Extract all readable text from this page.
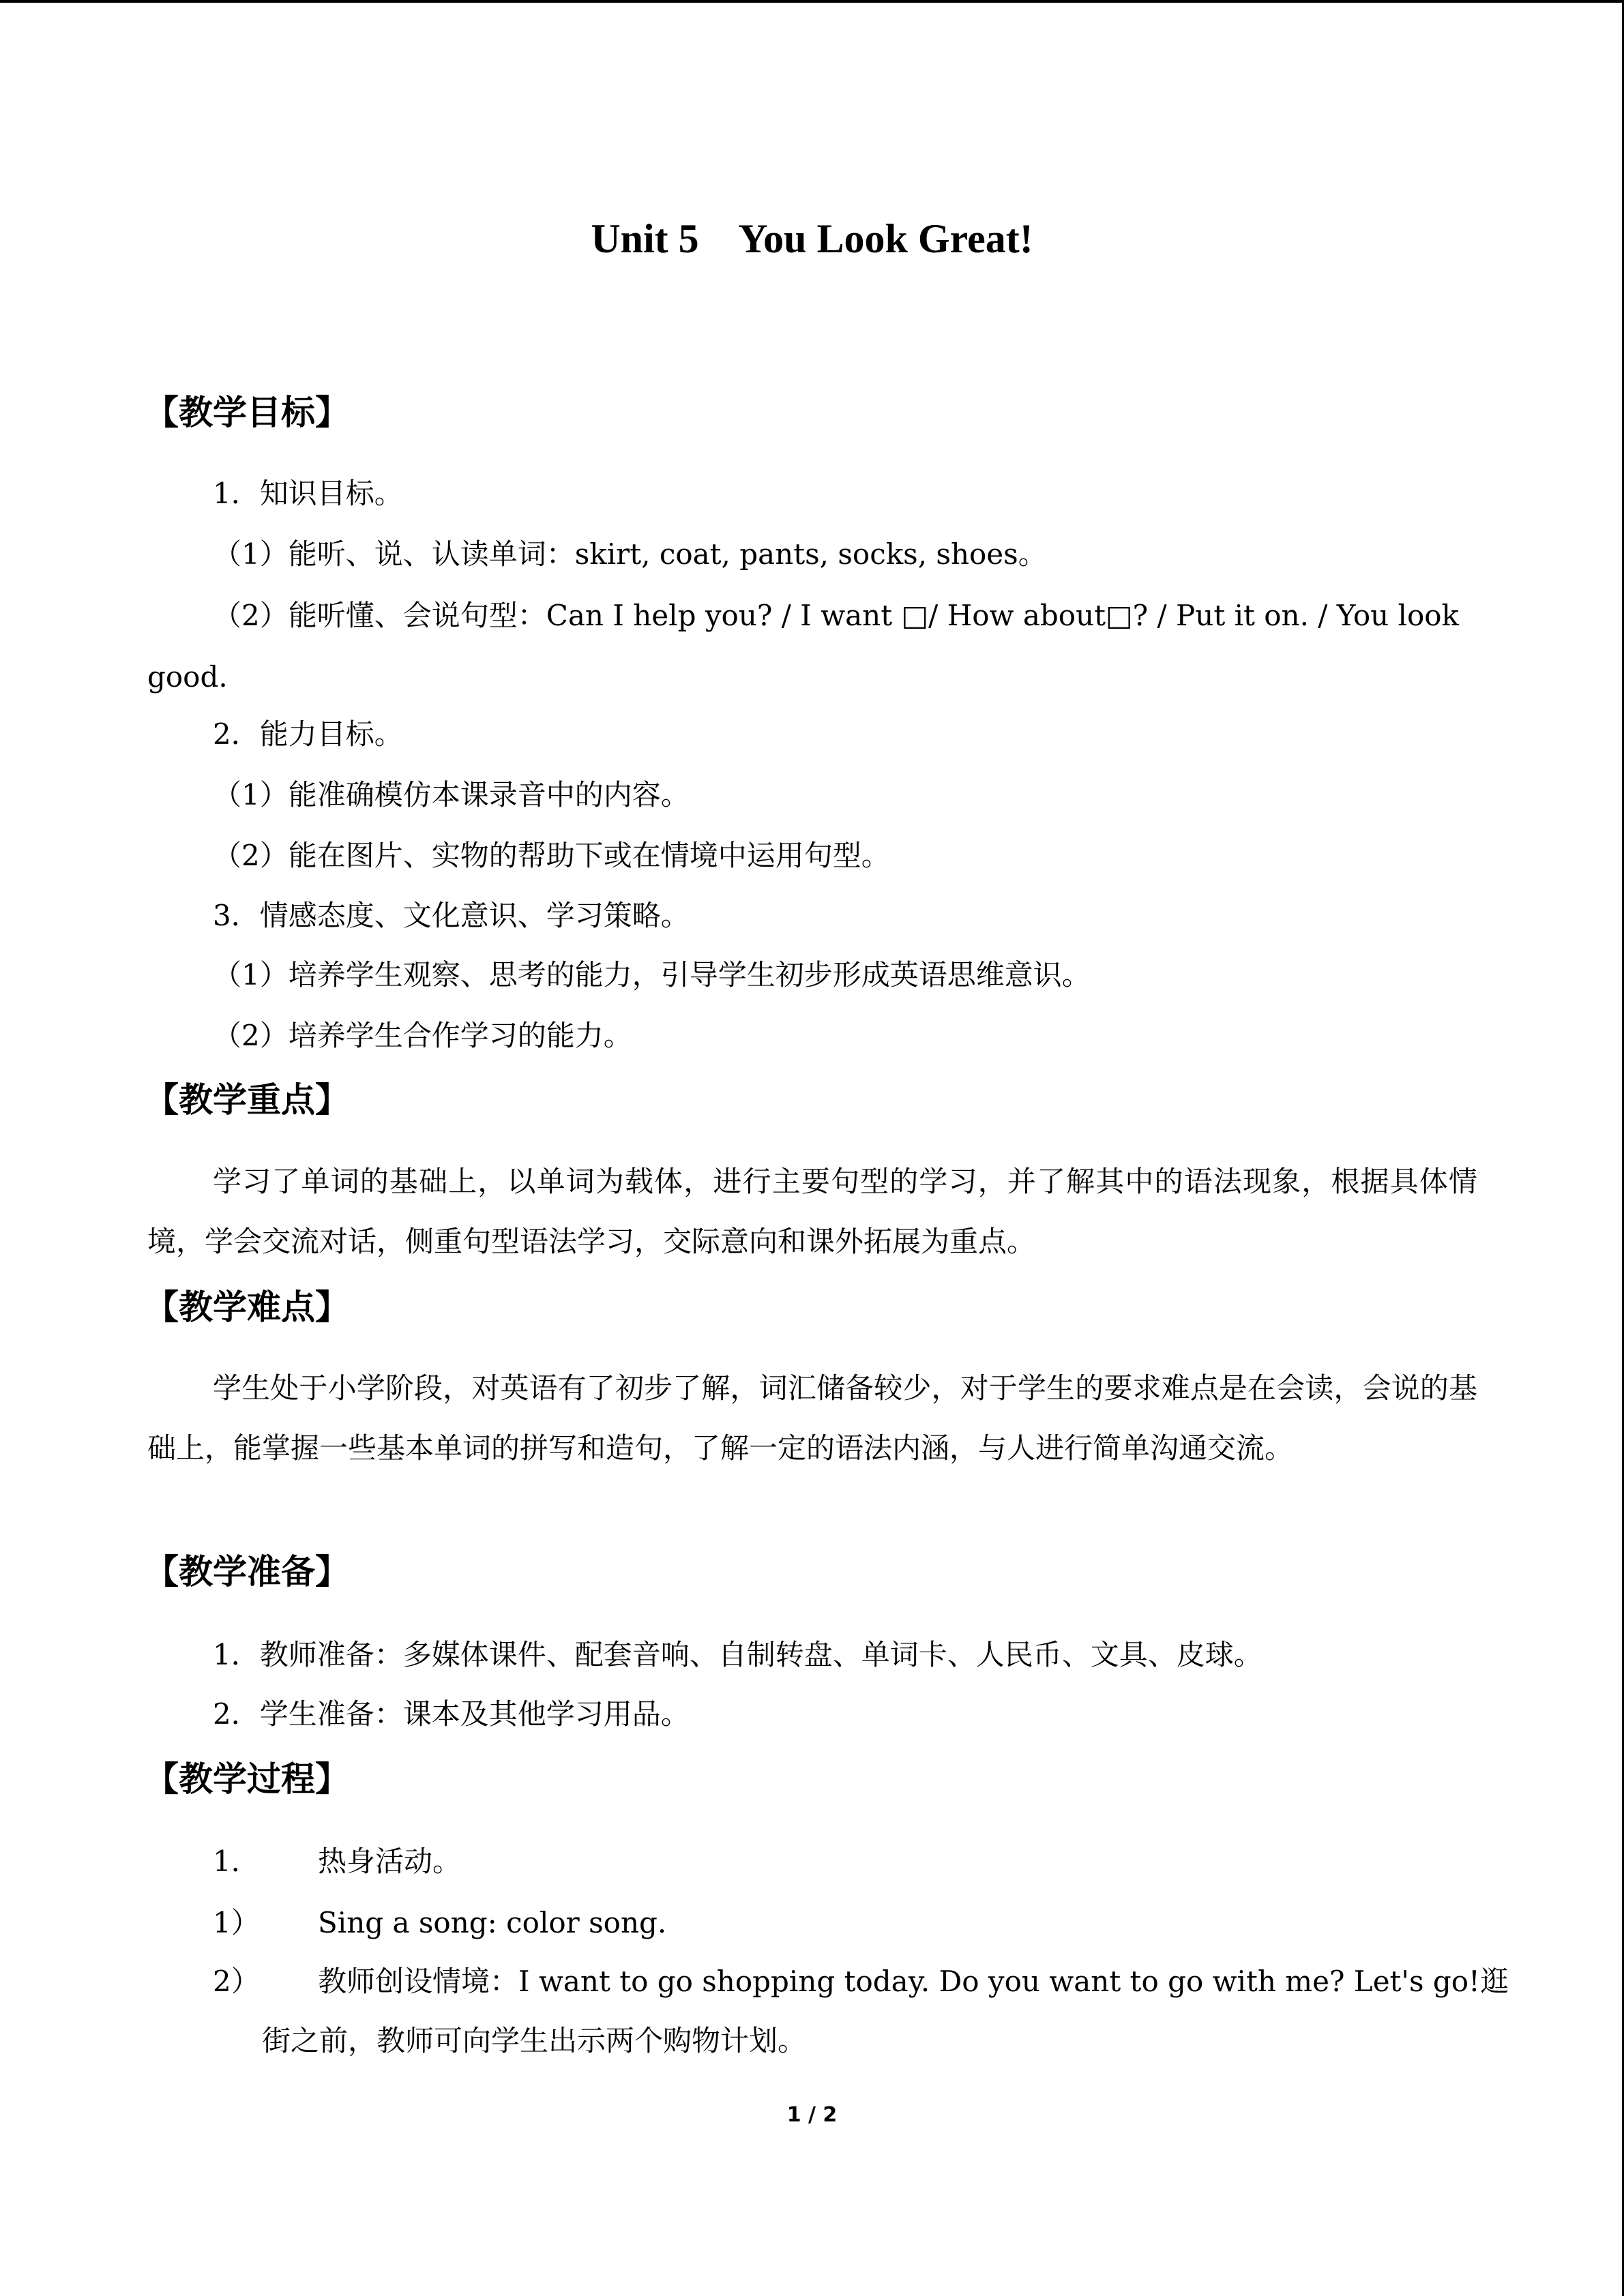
Unit 5    You Look Great!
【教学目标】
1．知识目标。
（1）能听、说、认读单词：skirt, coat, pants, socks, shoes。
（2）能听懂、会说句型：Can I help you? / I want □/ How about□? / Put it on. / You look
good.
2．能力目标。
（1）能准确模仿本课录音中的内容。
（2）能在图片、实物的帮助下或在情境中运用句型。
3．情感态度、文化意识、学习策略。
（1）培养学生观察、思考的能力，引导学生初步形成英语思维意识。
（2）培养学生合作学习的能力。
【教学重点】
学习了单词的基础上，以单词为载体，进行主要句型的学习，并了解其中的语法现象，根据具体情境，学会交流对话，侧重句型语法学习，交际意向和课外拓展为重点。
【教学难点】
学生处于小学阶段，对英语有了初步了解，词汇储备较少，对于学生的要求难点是在会读，会说的基础上，能掌握一些基本单词的拼写和造句，了解一定的语法内涵，与人进行简单沟通交流。
【教学准备】
1．教师准备：多媒体课件、配套音响、自制转盘、单词卡、人民币、文具、皮球。
2．学生准备：课本及其他学习用品。
【教学过程】
1． 热身活动。
1） Sing a song: color song.
2） 教师创设情境：I want to go shopping today. Do you want to go with me? Let's go!逛
街之前，教师可向学生出示两个购物计划。
1 / 2
